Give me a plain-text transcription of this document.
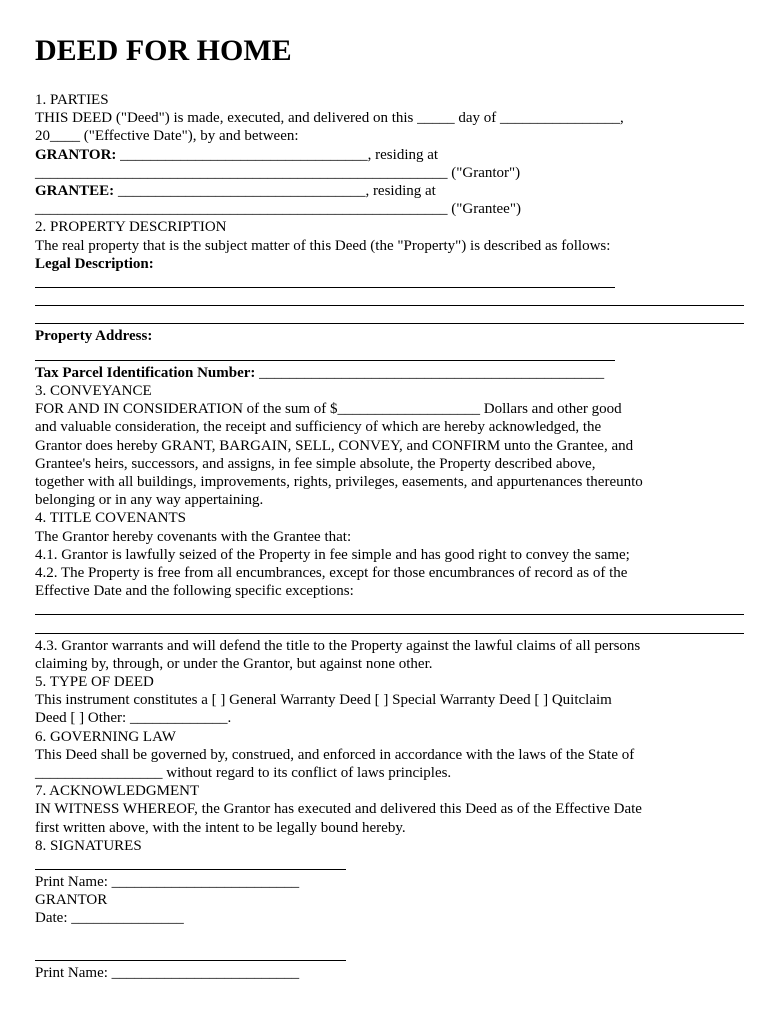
DEED FOR HOME
1. PARTIES
THIS DEED ("Deed") is made, executed, and delivered on this _____ day of ________________,
20____ ("Effective Date"), by and between:
GRANTOR: _________________________________, residing at
_______________________________________________________ ("Grantor")
GRANTEE: _________________________________, residing at
_______________________________________________________ ("Grantee")
2. PROPERTY DESCRIPTION
The real property that is the subject matter of this Deed (the "Property") is described as follows:
Legal Description:
Property Address:
Tax Parcel Identification Number: ______________________________________________
3. CONVEYANCE
FOR AND IN CONSIDERATION of the sum of $___________________ Dollars and other good
and valuable consideration, the receipt and sufficiency of which are hereby acknowledged, the
Grantor does hereby GRANT, BARGAIN, SELL, CONVEY, and CONFIRM unto the Grantee, and
Grantee's heirs, successors, and assigns, in fee simple absolute, the Property described above,
together with all buildings, improvements, rights, privileges, easements, and appurtenances thereunto
belonging or in any way appertaining.
4. TITLE COVENANTS
The Grantor hereby covenants with the Grantee that:
4.1. Grantor is lawfully seized of the Property in fee simple and has good right to convey the same;
4.2. The Property is free from all encumbrances, except for those encumbrances of record as of the
Effective Date and the following specific exceptions:
4.3. Grantor warrants and will defend the title to the Property against the lawful claims of all persons
claiming by, through, or under the Grantor, but against none other.
5. TYPE OF DEED
This instrument constitutes a [ ] General Warranty Deed [ ] Special Warranty Deed [ ] Quitclaim
Deed [ ] Other: _____________.
6. GOVERNING LAW
This Deed shall be governed by, construed, and enforced in accordance with the laws of the State of
_________________ without regard to its conflict of laws principles.
7. ACKNOWLEDGMENT
IN WITNESS WHEREOF, the Grantor has executed and delivered this Deed as of the Effective Date
first written above, with the intent to be legally bound hereby.
8. SIGNATURES
Print Name: _________________________
GRANTOR
Date: _______________
Print Name: _________________________
